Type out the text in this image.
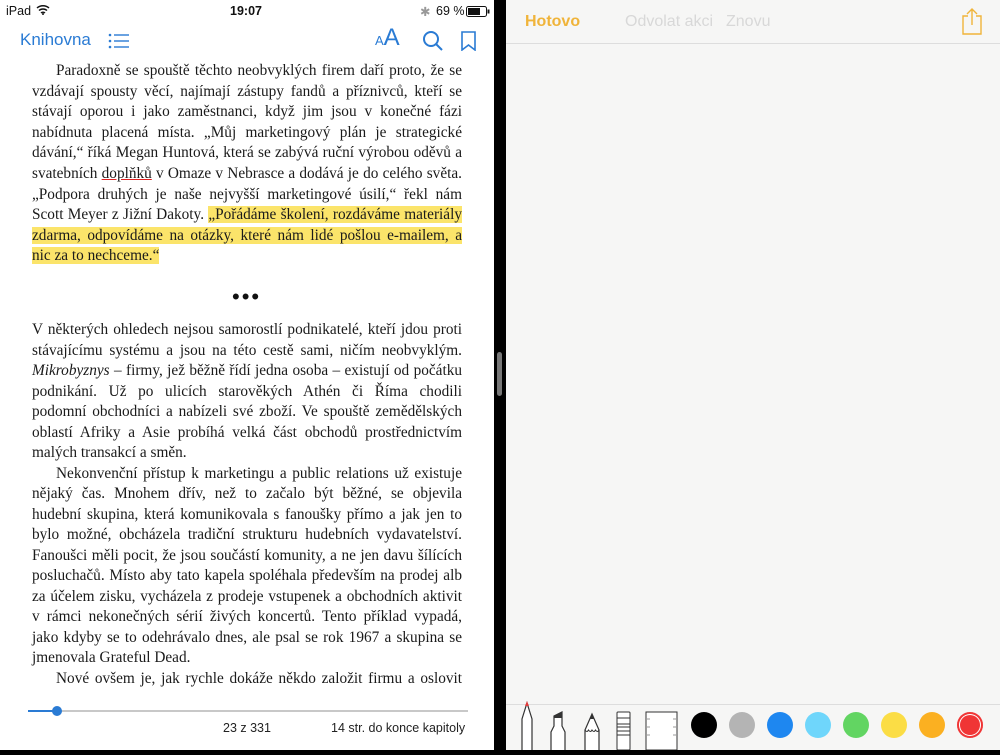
iPad	19:07	✱ 69 %
Knihovna	AA
Paradoxně se spouště těchto neobvyklých firem daří proto, že se
vzdávají spousty věcí, najímají zástupy fandů a příznivců, kteří se
stávají oporou i jako zaměstnanci, když jim jsou v konečné fázi
nabídnuta placená místa. „Můj marketingový plán je strategické
dávání,“ říká Megan Huntová, která se zabývá ruční výrobou oděvů a
svatebních doplňků v Omaze v Nebrasce a dodává je do celého světa.
„Podpora druhých je naše nejvyšší marketingové úsilí,“ řekl nám
Scott Meyer z Jižní Dakoty. „Pořádáme školení, rozdáváme materiály
zdarma, odpovídáme na otázky, které nám lidé pošlou e-mailem, a
nic za to nechceme.“
V některých ohledech nejsou samorostlí podnikatelé, kteří jdou proti
stávajícímu systému a jsou na této cestě sami, ničím neobvyklým.
Mikrobyznys – firmy, jež běžně řídí jedna osoba – existují od počátku
podnikání. Už po ulicích starověkých Athén či Říma chodili
podomní obchodníci a nabízeli své zboží. Ve spouště zemědělských
oblastí Afriky a Asie probíhá velká část obchodů prostřednictvím
malých transakcí a směn.
Nekonvenční přístup k marketingu a public relations už existuje
nějaký čas. Mnohem dřív, než to začalo být běžné, se objevila
hudební skupina, která komunikovala s fanoušky přímo a jak jen to
bylo možné, obcházela tradiční strukturu hudebních vydavatelství.
Fanoušci měli pocit, že jsou součástí komunity, a ne jen davu šílících
posluchačů. Místo aby tato kapela spoléhala především na prodej alb
za účelem zisku, vycházela z prodeje vstupenek a obchodních aktivit
v rámci nekonečných sérií živých koncertů. Tento příklad vypadá,
jako kdyby se to odehrávalo dnes, ale psal se rok 1967 a skupina se
jmenovala Grateful Dead.
Nové ovšem je, jak rychle dokáže někdo založit firmu a oslovit
•••
23 z 331	14 str. do konce kapitoly
Hotovo	Odvolat akci Znovu
